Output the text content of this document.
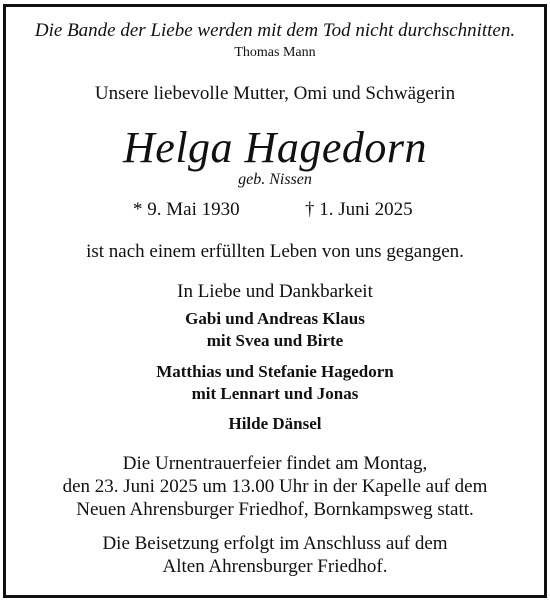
Die Bande der Liebe werden mit dem Tod nicht durchschnitten.
Thomas Mann
Unsere liebevolle Mutter, Omi und Schwägerin
Helga Hagedorn
geb. Nissen
* 9. Mai 1930	† 1. Juni 2025
ist nach einem erfüllten Leben von uns gegangen.
In Liebe und Dankbarkeit
Gabi und Andreas Klaus
mit Svea und Birte
Matthias und Stefanie Hagedorn
mit Lennart und Jonas
Hilde Dänsel
Die Urnentrauerfeier findet am Montag,
den 23. Juni 2025 um 13.00 Uhr in der Kapelle auf dem
Neuen Ahrensburger Friedhof, Bornkampsweg statt.
Die Beisetzung erfolgt im Anschluss auf dem
Alten Ahrensburger Friedhof.
